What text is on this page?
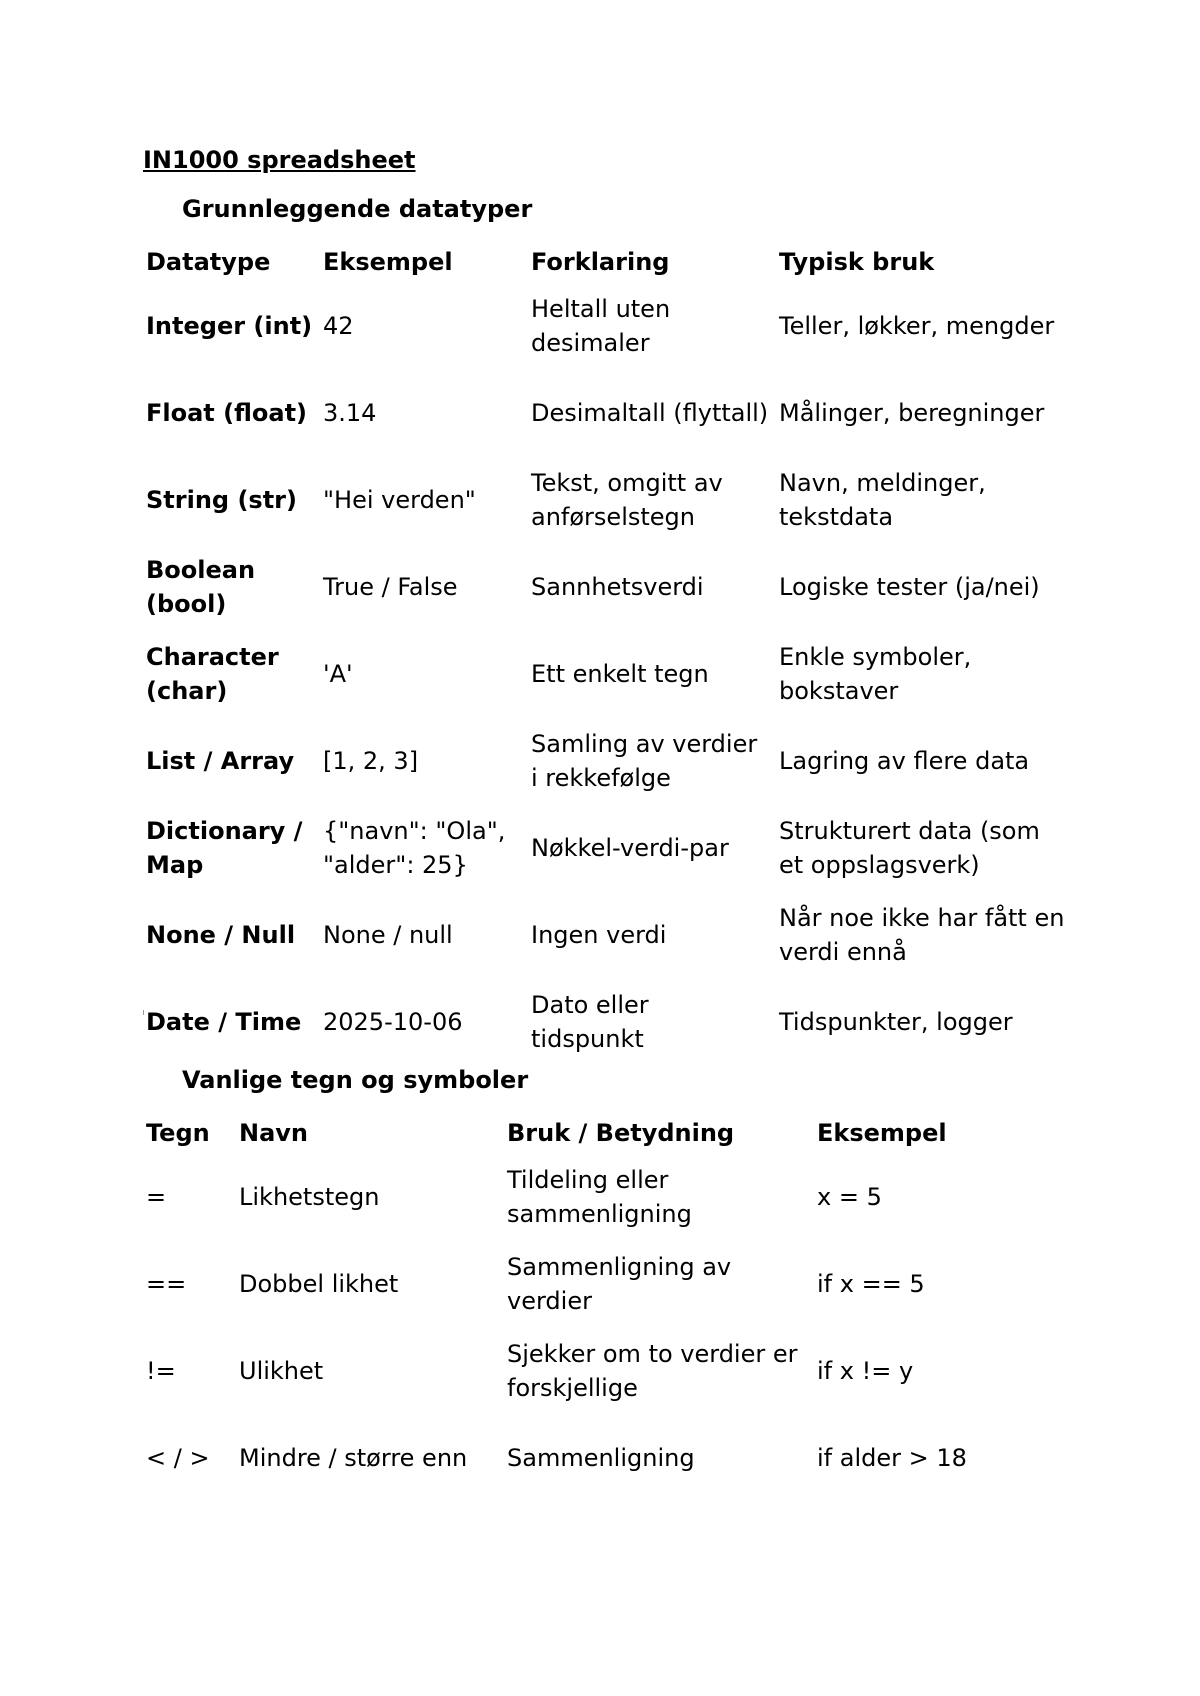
IN1000 spreadsheet
Grunnleggende datatyper
Datatype	Eksempel	Forklaring	Typisk bruk
Integer (int)	42	Heltall uten desimaler	Teller, løkker, mengder
Float (float)	3.14	Desimaltall (flyttall)	Målinger, beregninger
String (str)	"Hei verden"	Tekst, omgitt av anførselstegn	Navn, meldinger, tekstdata
Boolean (bool)	True / False	Sannhetsverdi	Logiske tester (ja/nei)
Character (char)	'A'	Ett enkelt tegn	Enkle symboler, bokstaver
List / Array	[1, 2, 3]	Samling av verdier i rekkefølge	Lagring av flere data
Dictionary / Map	{"navn": "Ola", "alder": 25}	Nøkkel-verdi-par	Strukturert data (som et oppslagsverk)
None / Null	None / null	Ingen verdi	Når noe ikke har fått en verdi ennå
Date / Time	2025-10-06	Dato eller tidspunkt	Tidspunkter, logger
Vanlige tegn og symboler
Tegn	Navn	Bruk / Betydning	Eksempel
=	Likhetstegn	Tildeling eller sammenligning	x = 5
==	Dobbel likhet	Sammenligning av verdier	if x == 5
!=	Ulikhet	Sjekker om to verdier er forskjellige	if x != y
< / >	Mindre / større enn	Sammenligning	if alder > 18
